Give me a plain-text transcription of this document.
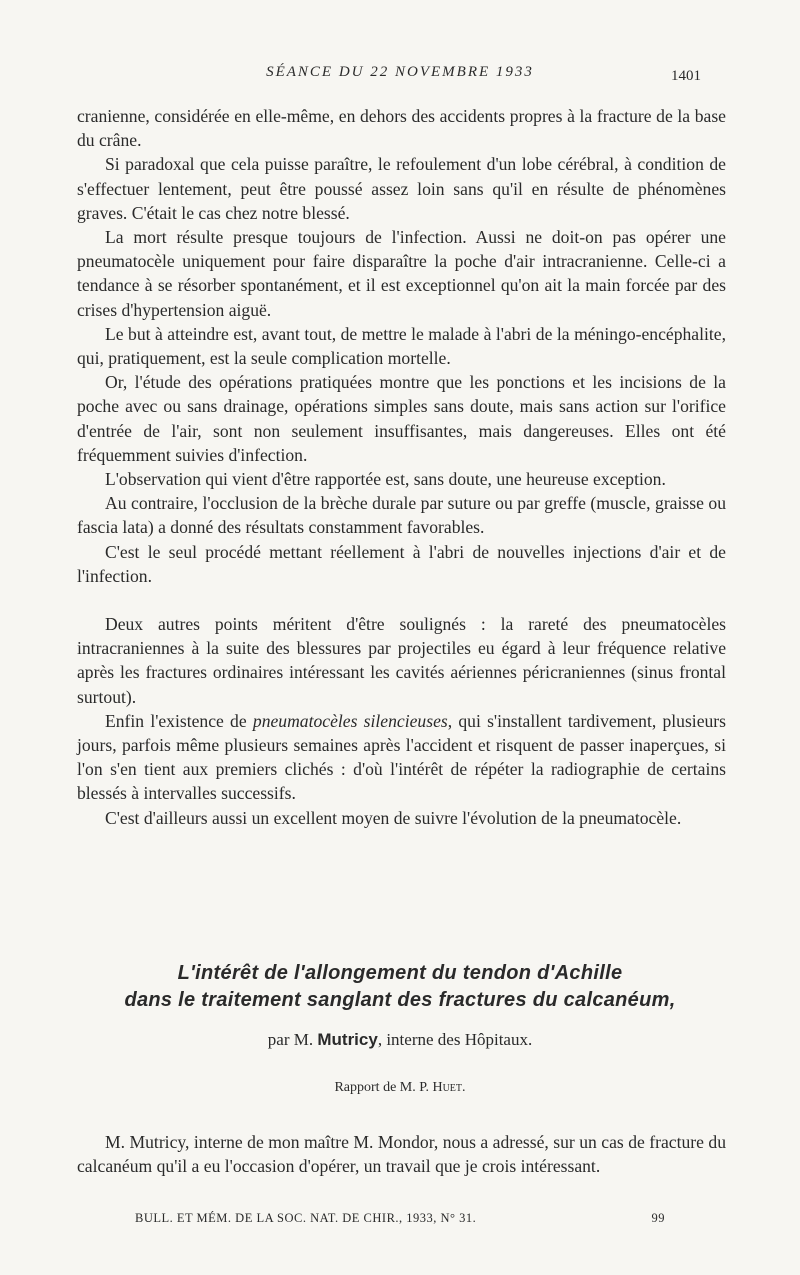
SÉANCE DU 22 NOVEMBRE 1933	1401

cranienne, considérée en elle-même, en dehors des accidents propres à la fracture de la base du crâne.

Si paradoxal que cela puisse paraître, le refoulement d'un lobe cérébral, à condition de s'effectuer lentement, peut être poussé assez loin sans qu'il en résulte de phénomènes graves. C'était le cas chez notre blessé.

La mort résulte presque toujours de l'infection. Aussi ne doit-on pas opérer une pneumatocèle uniquement pour faire disparaître la poche d'air intracranienne. Celle-ci a tendance à se résorber spontanément, et il est exceptionnel qu'on ait la main forcée par des crises d'hypertension aiguë.

Le but à atteindre est, avant tout, de mettre le malade à l'abri de la méningo-encéphalite, qui, pratiquement, est la seule complication mortelle.

Or, l'étude des opérations pratiquées montre que les ponctions et les incisions de la poche avec ou sans drainage, opérations simples sans doute, mais sans action sur l'orifice d'entrée de l'air, sont non seulement insuffisantes, mais dangereuses. Elles ont été fréquemment suivies d'infection.

L'observation qui vient d'être rapportée est, sans doute, une heureuse exception.

Au contraire, l'occlusion de la brèche durale par suture ou par greffe (muscle, graisse ou fascia lata) a donné des résultats constamment favorables.

C'est le seul procédé mettant réellement à l'abri de nouvelles injections d'air et de l'infection.

Deux autres points méritent d'être soulignés : la rareté des pneumatocèles intracraniennes à la suite des blessures par projectiles eu égard à leur fréquence relative après les fractures ordinaires intéressant les cavités aériennes péricraniennes (sinus frontal surtout).

Enfin l'existence de pneumatocèles silencieuses, qui s'installent tardivement, plusieurs jours, parfois même plusieurs semaines après l'accident et risquent de passer inaperçues, si l'on s'en tient aux premiers clichés : d'où l'intérêt de répéter la radiographie de certains blessés à intervalles successifs.

C'est d'ailleurs aussi un excellent moyen de suivre l'évolution de la pneumatocèle.

L'intérêt de l'allongement du tendon d'Achille
dans le traitement sanglant des fractures du calcanéum,
par M. Mutricy, interne des Hôpitaux.
Rapport de M. P. Huet.

M. Mutricy, interne de mon maître M. Mondor, nous a adressé, sur un cas de fracture du calcanéum qu'il a eu l'occasion d'opérer, un travail que je crois intéressant.

BULL. ET MÉM. DE LA SOC. NAT. DE CHIR., 1933, N° 31.	99
